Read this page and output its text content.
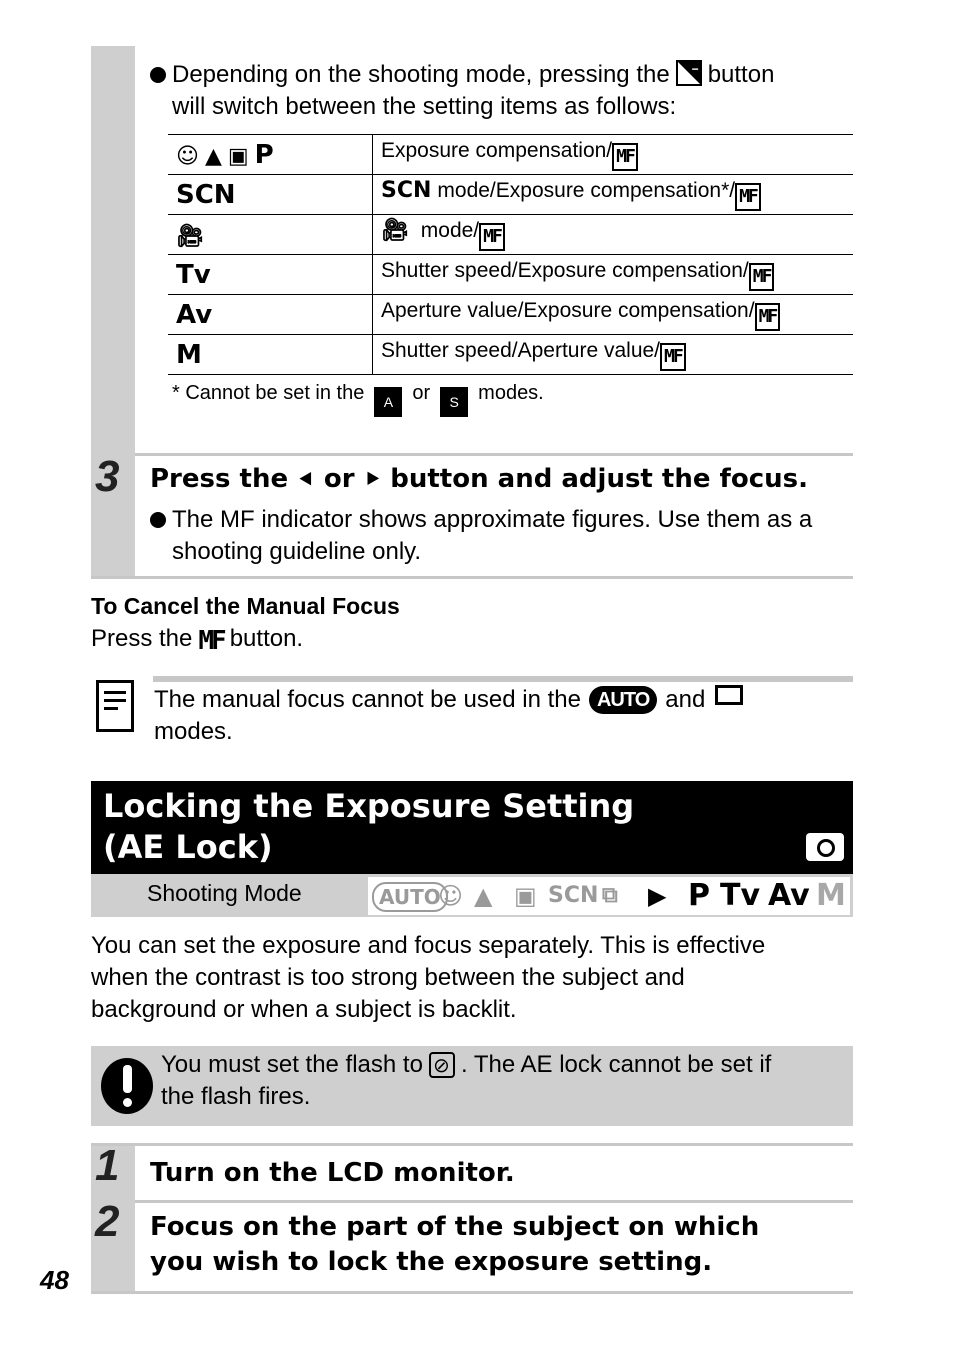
Depending on the shooting mode, pressing the +
− button
will switch between the setting items as follows:
☺ ▲ ▣ P	Exposure compensation/ MF
SCN	SCN mode/Exposure compensation*/ MF
🎥︎	🎥︎ mode/ MF
Tv	Shutter speed/Exposure compensation/ MF
Av	Aperture value/Exposure compensation/ MF
M	Shutter speed/Aperture value/ MF
* Cannot be set in the A or S modes.
3 Press the ⯇ or ⯈ button and adjust the focus.
The MF indicator shows approximate figures. Use them as a
shooting guideline only.
To Cancel the Manual Focus
Press the MF button.
The manual focus cannot be used in the AUTO and
modes.
Locking the Exposure Setting
(AE Lock)
Shooting Mode	AUTO
☺ ▲ ▣ SCN ⧉ ▶ P Tv Av M
You can set the exposure and focus separately. This is effective
when the contrast is too strong between the subject and
background or when a subject is backlit.
You must set the flash to ⊘ . The AE lock cannot be set if
the flash fires.
1 Turn on the LCD monitor.
2 Focus on the part of the subject on which
you wish to lock the exposure setting.
48
